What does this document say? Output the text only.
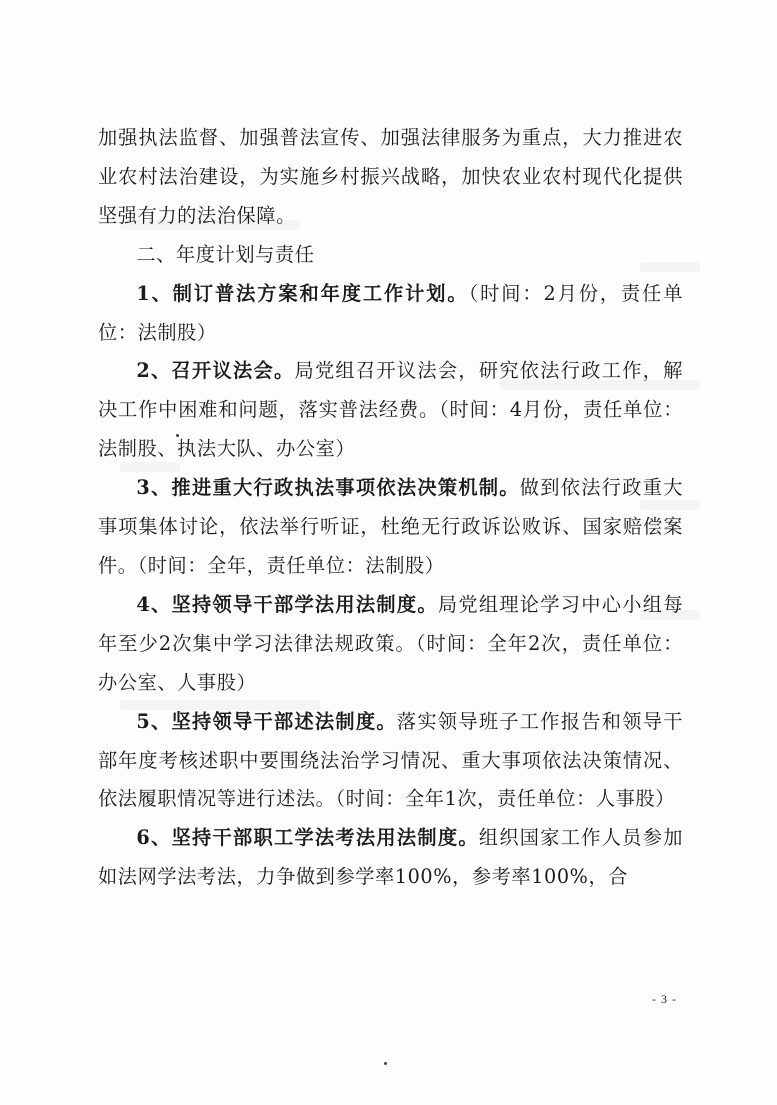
加强执法监督、加强普法宣传、加强法律服务为重点，大力推进农业农村法治建设，为实施乡村振兴战略，加快农业农村现代化提供坚强有力的法治保障。

二、年度计划与责任

1、制订普法方案和年度工作计划。（时间：2月份，责任单位：法制股）

2、召开议法会。局党组召开议法会，研究依法行政工作，解决工作中困难和问题，落实普法经费。（时间：4月份，责任单位：法制股、执法大队、办公室）

3、推进重大行政执法事项依法决策机制。做到依法行政重大事项集体讨论，依法举行听证，杜绝无行政诉讼败诉、国家赔偿案件。（时间：全年，责任单位：法制股）

4、坚持领导干部学法用法制度。局党组理论学习中心小组每年至少2次集中学习法律法规政策。（时间：全年2次，责任单位：办公室、人事股）

5、坚持领导干部述法制度。落实领导班子工作报告和领导干部年度考核述职中要围绕法治学习情况、重大事项依法决策情况、依法履职情况等进行述法。（时间：全年1次，责任单位：人事股）

6、坚持干部职工学法考法用法制度。组织国家工作人员参加如法网学法考法，力争做到参学率100%，参考率100%，合

- 3 -
